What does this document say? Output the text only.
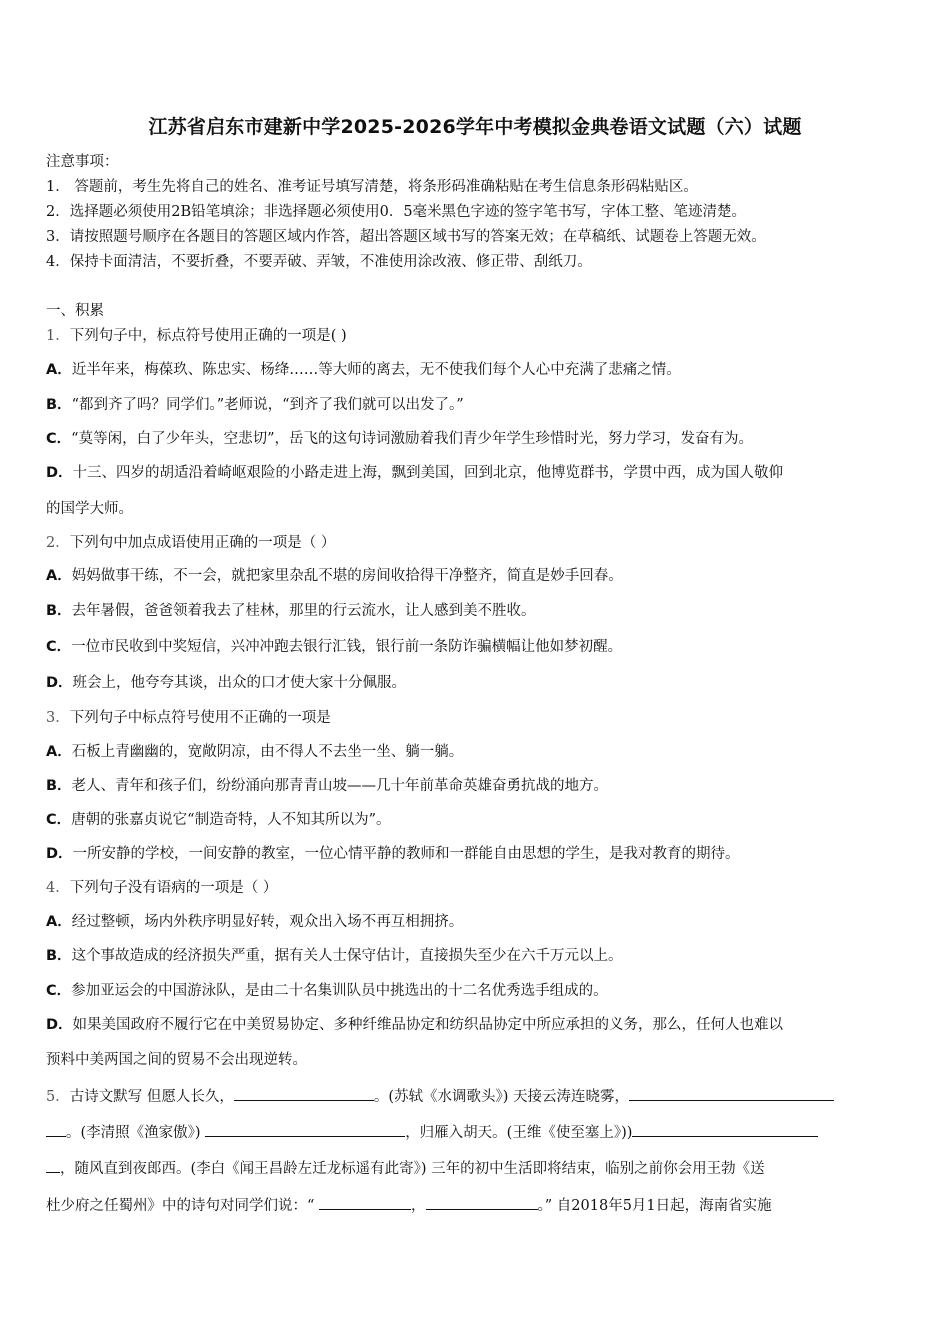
江苏省启东市建新中学2025-2026学年中考模拟金典卷语文试题（六）试题
注意事项：
1． 答题前，考生先将自己的姓名、准考证号填写清楚，将条形码准确粘贴在考生信息条形码粘贴区。
2．选择题必须使用2B铅笔填涂；非选择题必须使用0．5毫米黑色字迹的签字笔书写，字体工整、笔迹清楚。
3．请按照题号顺序在各题目的答题区域内作答，超出答题区域书写的答案无效；在草稿纸、试题卷上答题无效。
4．保持卡面清洁，不要折叠，不要弄破、弄皱，不准使用涂改液、修正带、刮纸刀。
一、积累
1．下列句子中，标点符号使用正确的一项是( )
A．近半年来，梅葆玖、陈忠实、杨绛……等大师的离去，无不使我们每个人心中充满了悲痛之情。
B．“都到齐了吗？同学们。”老师说，“到齐了我们就可以出发了。”
C．“莫等闲，白了少年头，空悲切”，岳飞的这句诗词激励着我们青少年学生珍惜时光，努力学习，发奋有为。
D．十三、四岁的胡适沿着崎岖艰险的小路走进上海，飘到美国，回到北京，他博览群书，学贯中西，成为国人敬仰
的国学大师。
2．下列句中加点成语使用正确的一项是（ ）
A．妈妈做事干练，不一会，就把家里杂乱不堪的房间收拾得干净整齐，简直是妙手回春。
B．去年暑假，爸爸领着我去了桂林，那里的行云流水，让人感到美不胜收。
C．一位市民收到中奖短信，兴冲冲跑去银行汇钱，银行前一条防诈骗横幅让他如梦初醒。
D．班会上，他夸夸其谈，出众的口才使大家十分佩服。
3．下列句子中标点符号使用不正确的一项是
A．石板上青幽幽的，宽敞阴凉，由不得人不去坐一坐、躺一躺。
B．老人、青年和孩子们，纷纷涌向那青青山坡——几十年前革命英雄奋勇抗战的地方。
C．唐朝的张嘉贞说它“制造奇特，人不知其所以为”。
D．一所安静的学校，一间安静的教室，一位心情平静的教师和一群能自由思想的学生，是我对教育的期待。
4．下列句子没有语病的一项是（ ）
A．经过整顿，场内外秩序明显好转，观众出入场不再互相拥挤。
B．这个事故造成的经济损失严重，据有关人士保守估计，直接损失至少在六千万元以上。
C．参加亚运会的中国游泳队，是由二十名集训队员中挑选出的十二名优秀选手组成的。
D．如果美国政府不履行它在中美贸易协定、多种纤维品协定和纺织品协定中所应承担的义务，那么，任何人也难以
预料中美两国之间的贸易不会出现逆转。
5．古诗文默写 但愿人长久，	。(苏轼《水调歌头》) 天接云涛连晓雾，
。(李清照《渔家傲》)	，归雁入胡天。(王维《使至塞上》))
，随风直到夜郎西。(李白《闻王昌龄左迁龙标遥有此寄》) 三年的初中生活即将结束，临别之前你会用王勃《送
杜少府之任蜀州》中的诗句对同学们说：“	，	。” 自2018年5月1日起，海南省实施
